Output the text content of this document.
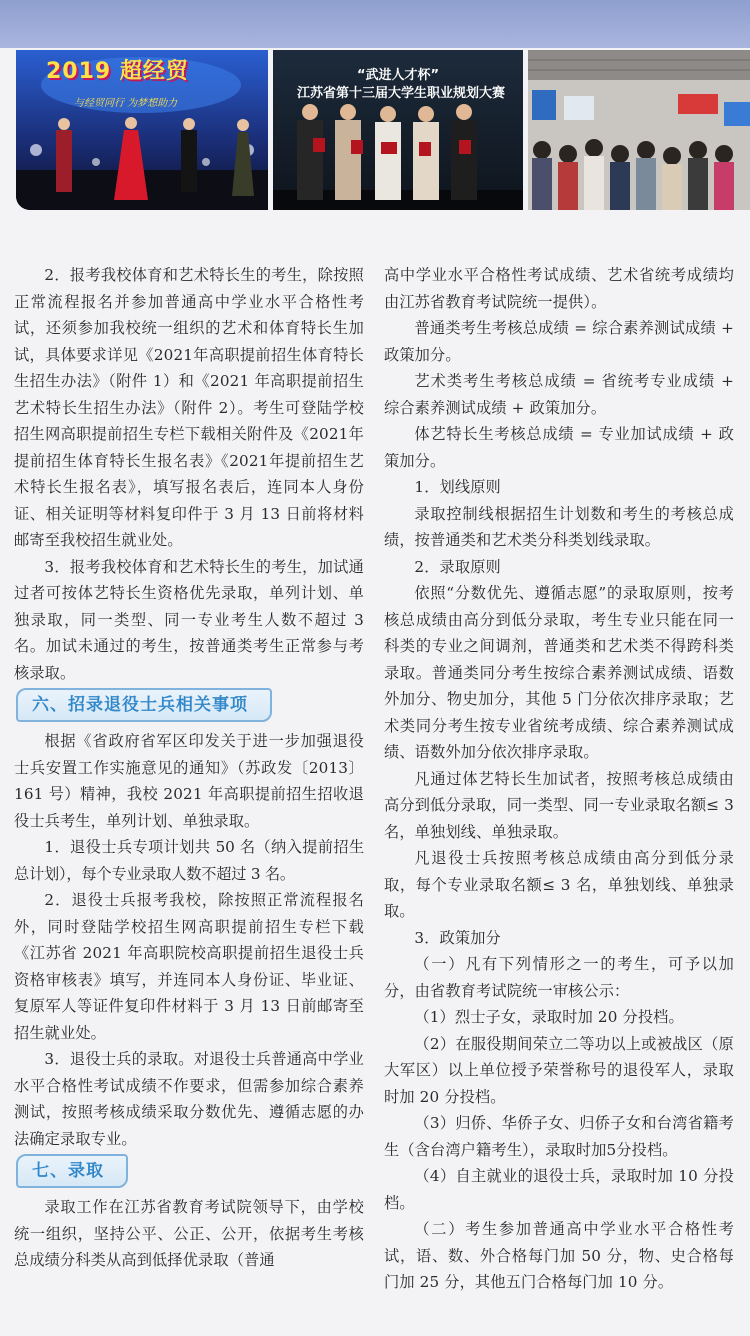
2019 超经贸
与经贸同行 为梦想助力
“武进人才杯”
江苏省第十三届大学生职业规划大赛

2．报考我校体育和艺术特长生的考生，除按照正常流程报名并参加普通高中学业水平合格性考试，还须参加我校统一组织的艺术和体育特长生加试，具体要求详见《2021年高职提前招生体育特长生招生办法》（附件 1）和《2021 年高职提前招生艺术特长生招生办法》（附件 2）。考生可登陆学校招生网高职提前招生专栏下载相关附件及《2021年提前招生体育特长生报名表》《2021年提前招生艺术特长生报名表》，填写报名表后，连同本人身份证、相关证明等材料复印件于 3 月 13 日前将材料邮寄至我校招生就业处。

3．报考我校体育和艺术特长生的考生，加试通过者可按体艺特长生资格优先录取，单列计划、单独录取，同一类型、同一专业考生人数不超过 3 名。加试未通过的考生，按普通类考生正常参与考核录取。

六、招录退役士兵相关事项

根据《省政府省军区印发关于进一步加强退役士兵安置工作实施意见的通知》（苏政发〔2013〕161 号）精神，我校 2021 年高职提前招生招收退役士兵考生，单列计划、单独录取。

1．退役士兵专项计划共 50 名（纳入提前招生总计划），每个专业录取人数不超过 3 名。

2．退役士兵报考我校，除按照正常流程报名外，同时登陆学校招生网高职提前招生专栏下载《江苏省 2021 年高职院校高职提前招生退役士兵资格审核表》填写，并连同本人身份证、毕业证、复原军人等证件复印件材料于 3 月 13 日前邮寄至招生就业处。

3．退役士兵的录取。对退役士兵普通高中学业水平合格性考试成绩不作要求，但需参加综合素养测试，按照考核成绩采取分数优先、遵循志愿的办法确定录取专业。

七、录取

录取工作在江苏省教育考试院领导下，由学校统一组织，坚持公平、公正、公开，依据考生考核总成绩分科类从高到低择优录取（普通

高中学业水平合格性考试成绩、艺术省统考成绩均由江苏省教育考试院统一提供）。

普通类考生考核总成绩 = 综合素养测试成绩 + 政策加分。

艺术类考生考核总成绩 = 省统考专业成绩 + 综合素养测试成绩 + 政策加分。

体艺特长生考核总成绩 = 专业加试成绩 + 政策加分。

1．划线原则

录取控制线根据招生计划数和考生的考核总成绩，按普通类和艺术类分科类划线录取。

2．录取原则

依照“分数优先、遵循志愿”的录取原则，按考核总成绩由高分到低分录取，考生专业只能在同一科类的专业之间调剂，普通类和艺术类不得跨科类录取。普通类同分考生按综合素养测试成绩、语数外加分、物史加分，其他 5 门分依次排序录取；艺术类同分考生按专业省统考成绩、综合素养测试成绩、语数外加分依次排序录取。

凡通过体艺特长生加试者，按照考核总成绩由高分到低分录取，同一类型、同一专业录取名额≤ 3 名，单独划线、单独录取。

凡退役士兵按照考核总成绩由高分到低分录取，每个专业录取名额≤ 3 名，单独划线、单独录取。

3．政策加分

（一）凡有下列情形之一的考生，可予以加分，由省教育考试院统一审核公示：

（1）烈士子女，录取时加 20 分投档。

（2）在服役期间荣立二等功以上或被战区（原大军区）以上单位授予荣誉称号的退役军人，录取时加 20 分投档。

（3）归侨、华侨子女、归侨子女和台湾省籍考生（含台湾户籍考生），录取时加5分投档。

（4）自主就业的退役士兵，录取时加 10 分投档。

（二）考生参加普通高中学业水平合格性考试，语、数、外合格每门加 50 分，物、史合格每门加 25 分，其他五门合格每门加 10 分。
